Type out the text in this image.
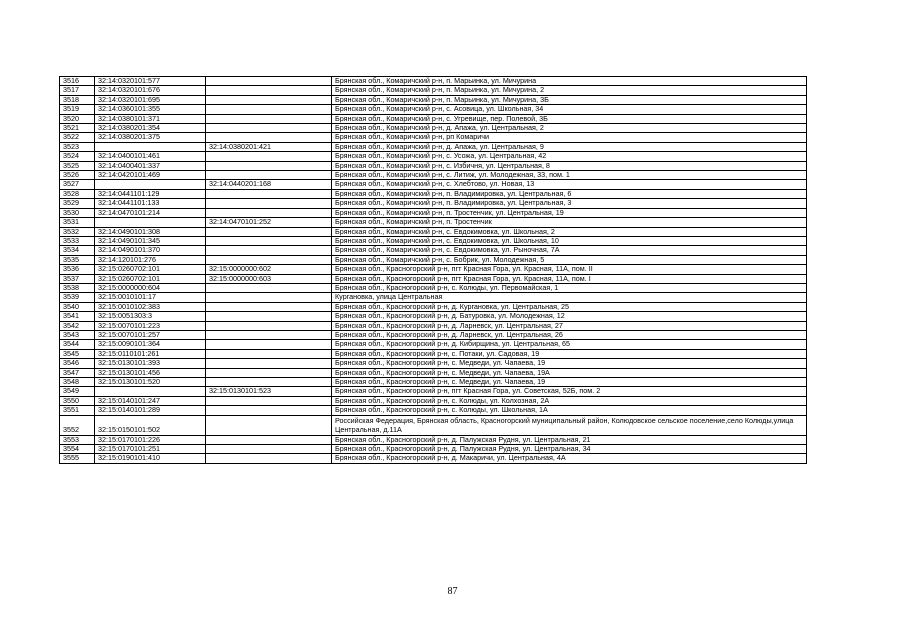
3516	32:14:0320101:577		Брянская обл., Комаричский р-н, п. Марьинка, ул. Мичурина
3517	32:14:0320101:676		Брянская обл., Комаричский р-н, п. Марьинка, ул. Мичурина, 2
3518	32:14:0320101:695		Брянская обл., Комаричский р-н, п. Марьинка, ул. Мичурина, 3Б
3519	32:14:0360101:355		Брянская обл., Комаричский р-н, с. Асовица, ул. Школьная, 34
3520	32:14:0380101:371		Брянская обл., Комаричский р-н, с. Угревище, пер. Полевой, 3Б
3521	32:14:0380201:354		Брянская обл., Комаричский р-н, д. Апажа, ул. Центральная, 2
3522	32:14:0380201:375		Брянская обл., Комаричский р-н, рп Комаричи
3523		32:14:0380201:421	Брянская обл., Комаричский р-н, д. Апажа, ул. Центральная, 9
3524	32:14:0400101:461		Брянская обл., Комаричский р-н, с. Усожа, ул. Центральная, 42
3525	32:14:0400401:337		Брянская обл., Комаричский р-н, с. Избичня, ул. Центральная, 8
3526	32:14:0420101:469		Брянская обл., Комаричский р-н, с. Литиж, ул. Молодежная, 33, пом. 1
3527		32:14:0440201:168	Брянская обл., Комаричский р-н, с. Хлебтово, ул. Новая, 13
3528	32:14:0441101:129		Брянская обл., Комаричский р-н, п. Владимировка, ул. Центральная, 6
3529	32:14:0441101:133		Брянская обл., Комаричский р-н, п. Владимировка, ул. Центральная, 3
3530	32:14:0470101:214		Брянская обл., Комаричский р-н, п. Тростенчик, ул. Центральная, 19
3531		32:14:0470101:252	Брянская обл., Комаричский р-н, п. Тростенчик
3532	32:14:0490101:308		Брянская обл., Комаричский р-н, с. Евдокимовка, ул. Школьная, 2
3533	32:14:0490101:345		Брянская обл., Комаричский р-н, с. Евдокимовка, ул. Школьная, 10
3534	32:14:0490101:370		Брянская обл., Комаричский р-н, с. Евдокимовка, ул. Рыночная, 7А
3535	32:14:120101:276		Брянская обл., Комаричский р-н, с. Бобрик, ул. Молодежная, 5
3536	32:15:0260702:101	32:15:0000000:602	Брянская обл., Красногорский р-н, пгт Красная Гора, ул. Красная, 11А, пом. II
3537	32:15:0260702:101	32:15:0000000:603	Брянская обл., Красногорский р-н, пгт Красная Гора, ул. Красная, 11А, пом. I
3538	32:15:0000000:604		Брянская обл., Красногорский р-н, с. Колюды, ул. Первомайская, 1
3539	32:15:0010101:17		Кургановка, улица Центральная
3540	32:15:0010102:383		Брянская обл., Красногорский р-н, д. Кургановка, ул. Центральная, 25
3541	32:15:0051303:3		Брянская обл., Красногорский р-н, д. Батуровка, ул. Молодежная, 12
3542	32:15:0070101:223		Брянская обл., Красногорский р-н, д. Ларневск, ул. Центральная, 27
3543	32:15:0070101:257		Брянская обл., Красногорский р-н, д. Ларневск, ул. Центральная, 26
3544	32:15:0090101:364		Брянская обл., Красногорский р-н, д. Кибирщина, ул. Центральная, 65
3545	32:15:0110101:261		Брянская обл., Красногорский р-н, с. Потаки, ул. Садовая, 19
3546	32:15:0130101:393		Брянская обл., Красногорский р-н, с. Медведи, ул. Чапаева, 19
3547	32:15:0130101:456		Брянская обл., Красногорский р-н, с. Медведи, ул. Чапаева, 19А
3548	32:15:0130101:520		Брянская обл., Красногорский р-н, с. Медведи, ул. Чапаева, 19
3549		32:15:0130101:523	Брянская обл., Красногорский р-н, пгт Красная Гора, ул. Советская, 52Б, пом. 2
3550	32:15:0140101:247		Брянская обл., Красногорский р-н, с. Колюды, ул. Колхозная, 2А
3551	32:15:0140101:289		Брянская обл., Красногорский р-н, с. Колюды, ул. Школьная, 1А
3552	32:15:0150101:502		Российская Федерация, Брянская область, Красногорский муниципальный район, Колюдовское сельское поселение,село Колюды,улица Центральная, д.11А
3553	32:15:0170101:226		Брянская обл., Красногорский р-н, д. Палужская Рудня, ул. Центральная, 21
3554	32:15:0170101:251		Брянская обл., Красногорский р-н, д. Палужская Рудня, ул. Центральная, 34
3555	32:15:0190101:410		Брянская обл., Красногорский р-н, д. Макаричи, ул. Центральная, 4А
87
